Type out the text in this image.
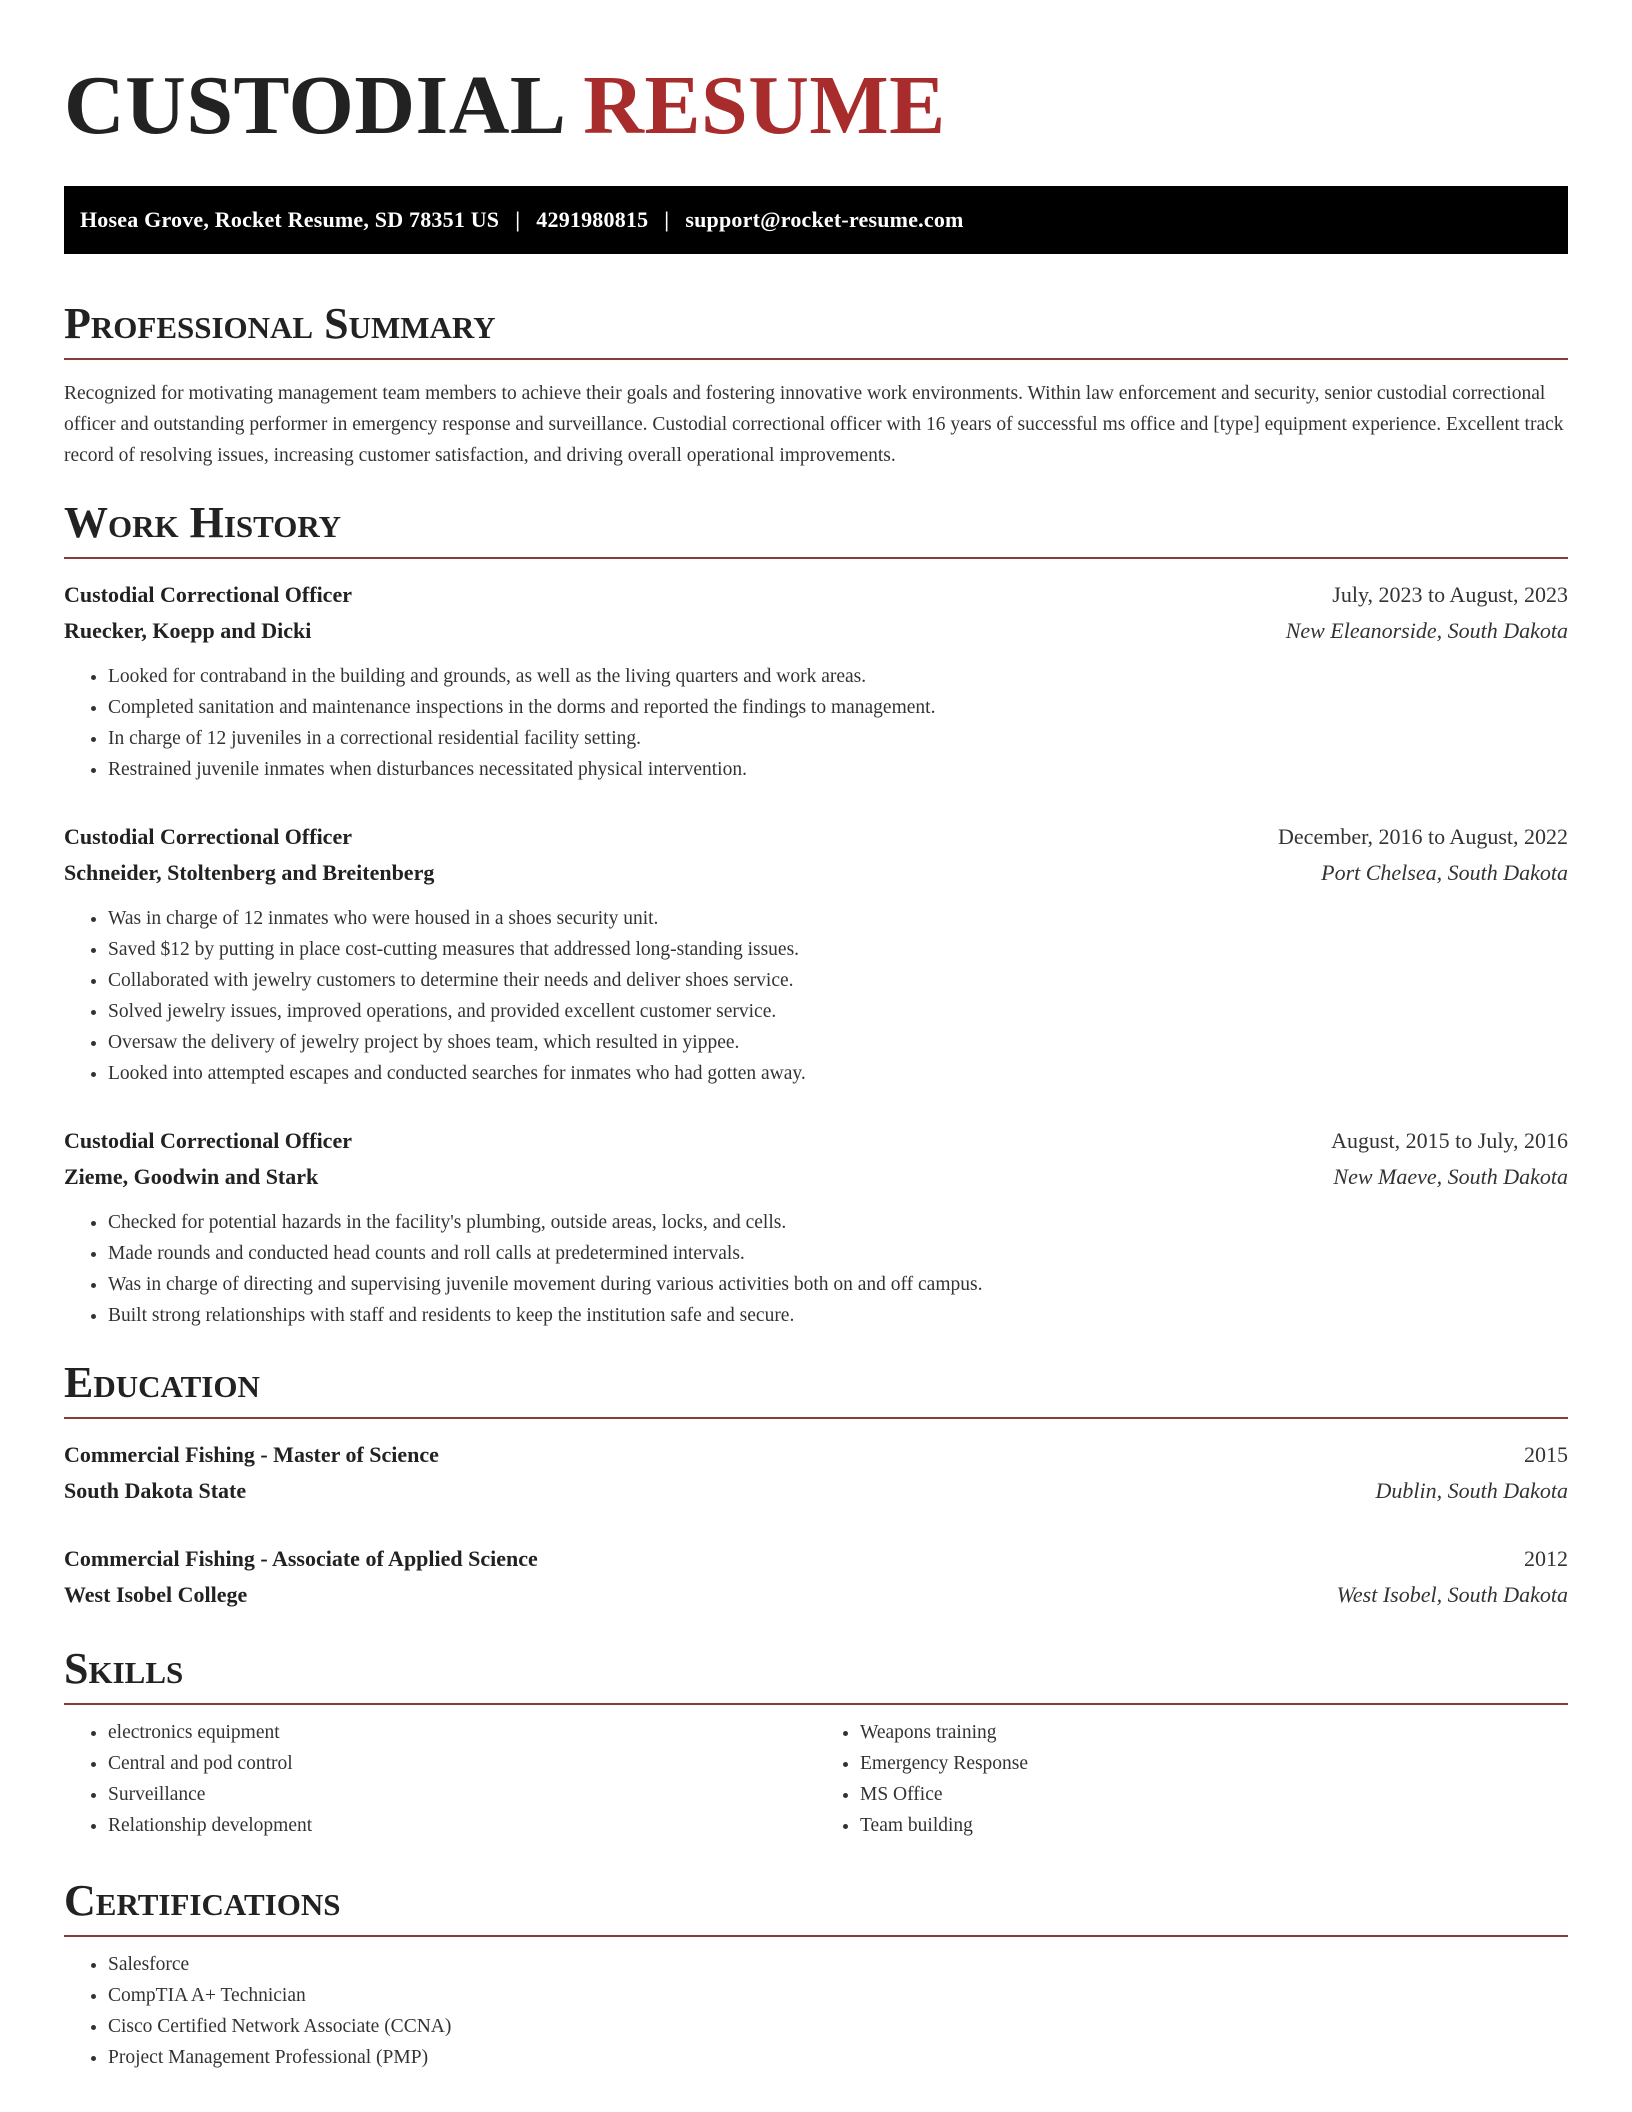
CUSTODIAL RESUME
Hosea Grove, Rocket Resume, SD 78351 US | 4291980815 | support@rocket-resume.com
Professional Summary

Recognized for motivating management team members to achieve their goals and fostering innovative work environments. Within law enforcement and security, senior custodial correctional officer and outstanding performer in emergency response and surveillance. Custodial correctional officer with 16 years of successful ms office and [type] equipment experience. Excellent track record of resolving issues, increasing customer satisfaction, and driving overall operational improvements.

Work History
Custodial Correctional Officer	July, 2023 to August, 2023
Ruecker, Koepp and Dicki	New Eleanorside, South Dakota
• Looked for contraband in the building and grounds, as well as the living quarters and work areas.
• Completed sanitation and maintenance inspections in the dorms and reported the findings to management.
• In charge of 12 juveniles in a correctional residential facility setting.
• Restrained juvenile inmates when disturbances necessitated physical intervention.
Custodial Correctional Officer	December, 2016 to August, 2022
Schneider, Stoltenberg and Breitenberg	Port Chelsea, South Dakota
• Was in charge of 12 inmates who were housed in a shoes security unit.
• Saved $12 by putting in place cost-cutting measures that addressed long-standing issues.
• Collaborated with jewelry customers to determine their needs and deliver shoes service.
• Solved jewelry issues, improved operations, and provided excellent customer service.
• Oversaw the delivery of jewelry project by shoes team, which resulted in yippee.
• Looked into attempted escapes and conducted searches for inmates who had gotten away.
Custodial Correctional Officer	August, 2015 to July, 2016
Zieme, Goodwin and Stark	New Maeve, South Dakota
• Checked for potential hazards in the facility's plumbing, outside areas, locks, and cells.
• Made rounds and conducted head counts and roll calls at predetermined intervals.
• Was in charge of directing and supervising juvenile movement during various activities both on and off campus.
• Built strong relationships with staff and residents to keep the institution safe and secure.
Education
Commercial Fishing - Master of Science	2015
South Dakota State	Dublin, South Dakota
Commercial Fishing - Associate of Applied Science	2012
West Isobel College	West Isobel, South Dakota
Skills
• electronics equipment
• Central and pod control
• Surveillance
• Relationship development
• Weapons training
• Emergency Response
• MS Office
• Team building
Certifications
• Salesforce
• CompTIA A+ Technician
• Cisco Certified Network Associate (CCNA)
• Project Management Professional (PMP)
